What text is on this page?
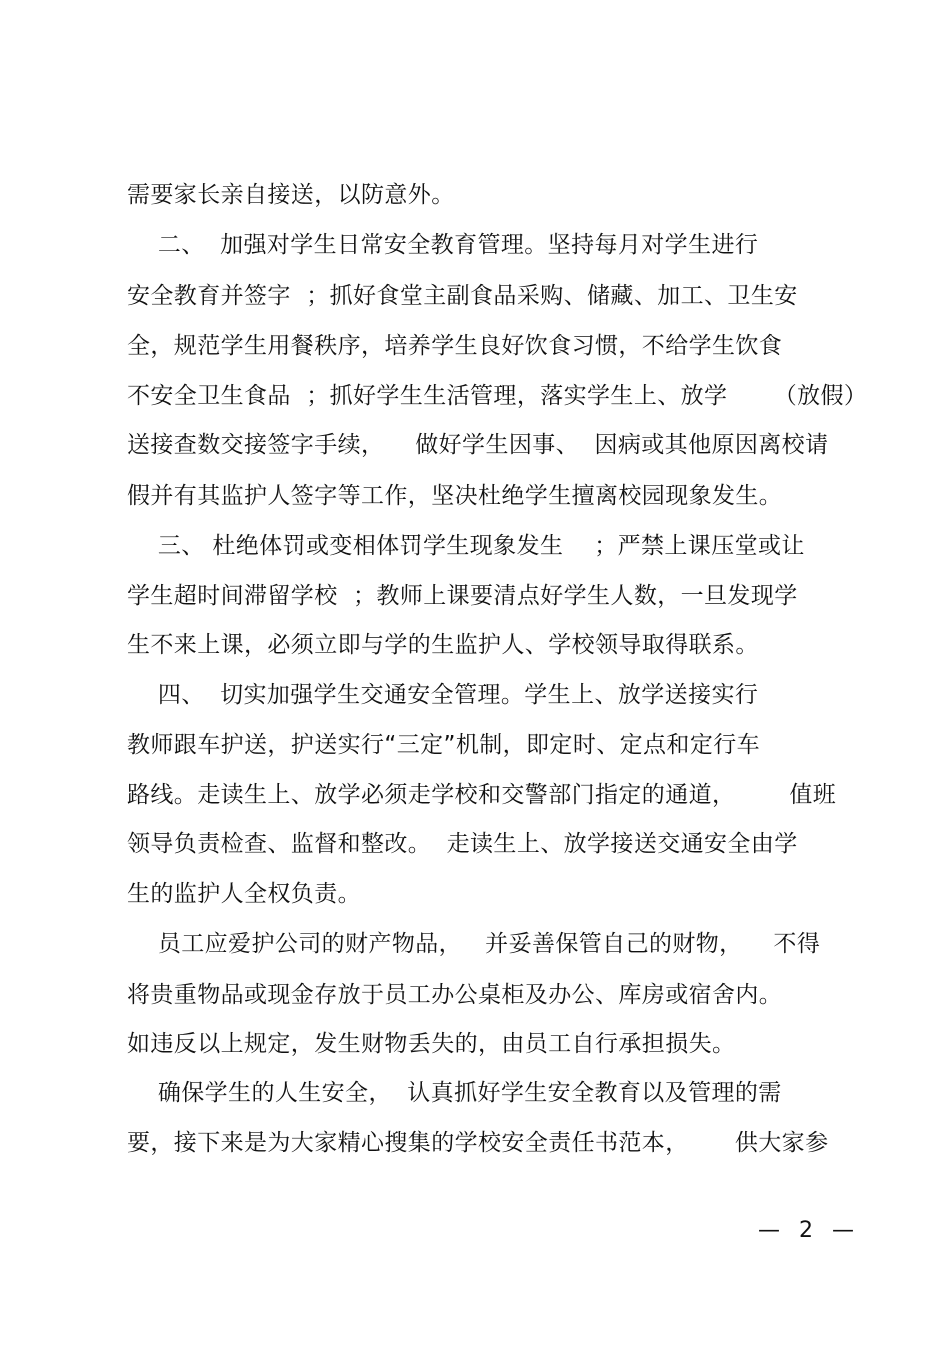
需要家长亲自接送，以防意外。
二、  加强对学生日常安全教育管理。坚持每月对学生进行
安全教育并签字  ；抓好食堂主副食品采购、储藏、加工、卫生安
全，规范学生用餐秩序，培养学生良好饮食习惯，不给学生饮食
不安全卫生食品  ；抓好学生生活管理，落实学生上、放学      （放假）
送接查数交接签字手续，    做好学生因事、  因病或其他原因离校请
假并有其监护人签字等工作，坚决杜绝学生擅离校园现象发生。
三、 杜绝体罚或变相体罚学生现象发生    ；严禁上课压堂或让
学生超时间滞留学校  ；教师上课要清点好学生人数，一旦发现学
生不来上课，必须立即与学的生监护人、学校领导取得联系。
四、  切实加强学生交通安全管理。学生上、放学送接实行
教师跟车护送，护送实行“三定”机制，即定时、定点和定行车
路线。走读生上、放学必须走学校和交警部门指定的通道，       值班
领导负责检查、监督和整改。  走读生上、放学接送交通安全由学
生的监护人全权负责。
员工应爱护公司的财产物品，   并妥善保管自己的财物，    不得
将贵重物品或现金存放于员工办公桌柜及办公、库房或宿舍内。
如违反以上规定，发生财物丢失的，由员工自行承担损失。
确保学生的人生安全，  认真抓好学生安全教育以及管理的需
要，接下来是为大家精心搜集的学校安全责任书范本，      供大家参
— 2 —
